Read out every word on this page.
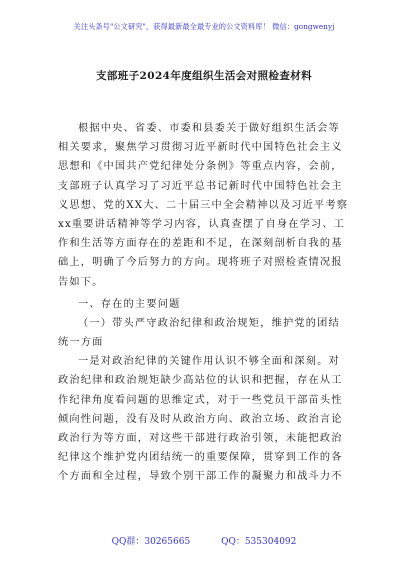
关注头条号"公文研究"，获得最新最全最专业的公文资料库！ 微信：gongwenyj
支部班子2024年度组织生活会对照检查材料
根据中央、省委、市委和县委关于做好组织生活会等
相关要求，聚焦学习贯彻习近平新时代中国特色社会主义
思想和《中国共产党纪律处分条例》等重点内容，会前，
支部班子认真学习了习近平总书记新时代中国特色社会主
义思想、党的XX大、二十届三中全会精神以及习近平考察
xx重要讲话精神等学习内容，认真查摆了自身在学习、工
作和生活等方面存在的差距和不足，在深刻剖析自我的基
础上，明确了今后努力的方向。现将班子对照检查情况报
告如下。
一、存在的主要问题
（一）带头严守政治纪律和政治规矩，维护党的团结
统一方面
一是对政治纪律的关键作用认识不够全面和深刻。对
政治纪律和政治规矩缺少高站位的认识和把握，存在从工
作纪律角度看问题的思维定式，对于一些党员干部苗头性
倾向性问题，没有及时从政治方向、政治立场、政治言论
政治行为等方面，对这些干部进行政治引领，未能把政治
纪律这个维护党内团结统一的重要保障，贯穿到工作的各
个方面和全过程，导致个别干部工作的凝聚力和战斗力不
QQ群：30265665	QQ：535304092
